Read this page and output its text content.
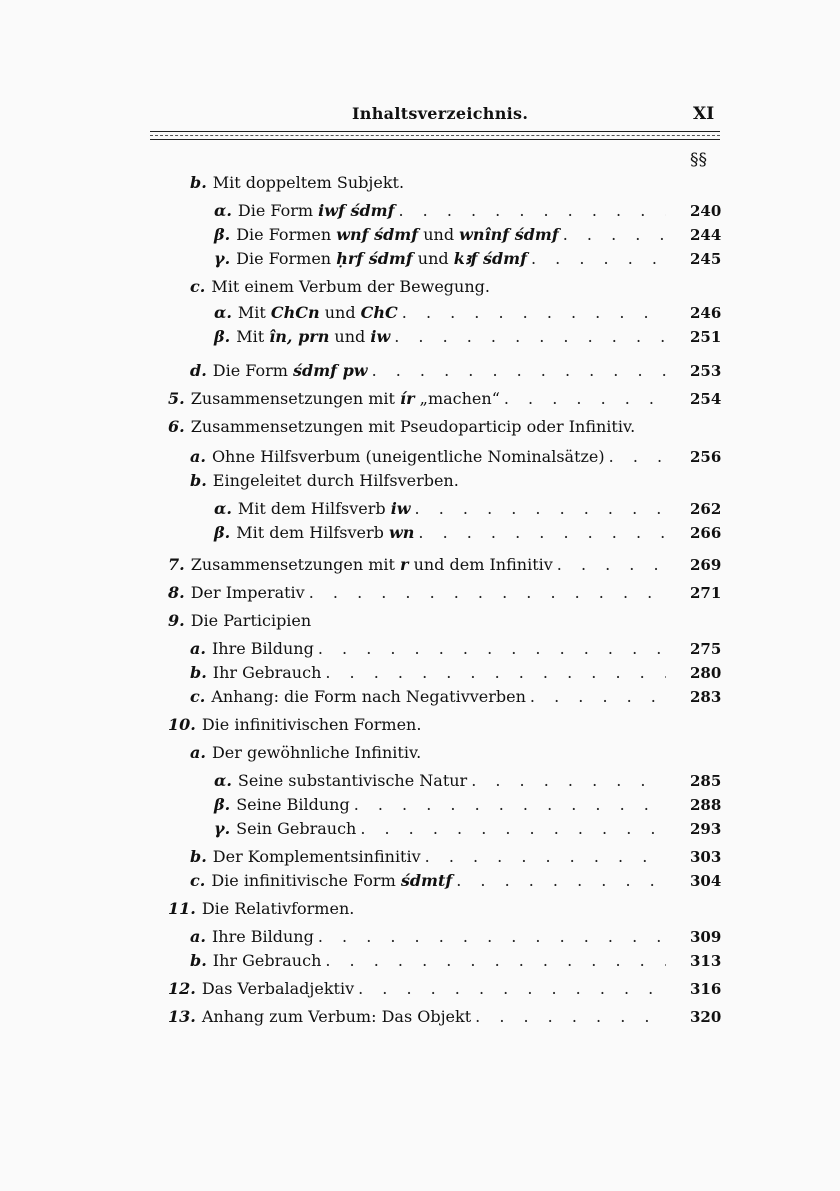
Inhaltsverzeichnis.	XI
§§
b. Mit doppeltem Subjekt.
240
α. Die Form iwf śdmf
. . .
244
β. Die Formen wnf śdmf und wnînf śdmf
. . .
245
γ. Die Formen ḥrf śdmf und kꜣf śdmf
. . .
c. Mit einem Verbum der Bewegung.
246
α. Mit ChCn und ChC
. . .
251
β. Mit în, prn und iw
. . .
253
d. Die Form śdmf pw
. . .
254
5. Zusammensetzungen mit ír „machen“
. . .
6. Zusammensetzungen mit Pseudoparticip oder Infinitiv.
256
a. Ohne Hilfsverbum (uneigentliche Nominalsätze)
. . .
b. Eingeleitet durch Hilfsverben.
262
α. Mit dem Hilfsverb iw
. . .
266
β. Mit dem Hilfsverb wn
. . .
269
7. Zusammensetzungen mit r und dem Infinitiv
. . .
271
8. Der Imperativ
. . .
9. Die Participien
275
a. Ihre Bildung
. . .
280
b. Ihr Gebrauch
. . .
283
c. Anhang: die Form nach Negativverben
. . .
10. Die infinitivischen Formen.
a. Der gewöhnliche Infinitiv.
285
α. Seine substantivische Natur
. . .
288
β. Seine Bildung
. . .
293
γ. Sein Gebrauch
. . .
303
b. Der Komplementsinfinitiv
. . .
304
c. Die infinitivische Form śdmtf
. . .
11. Die Relativformen.
309
a. Ihre Bildung
. . .
313
b. Ihr Gebrauch
. . .
316
12. Das Verbaladjektiv
. . .
320
13. Anhang zum Verbum: Das Objekt
. . .
